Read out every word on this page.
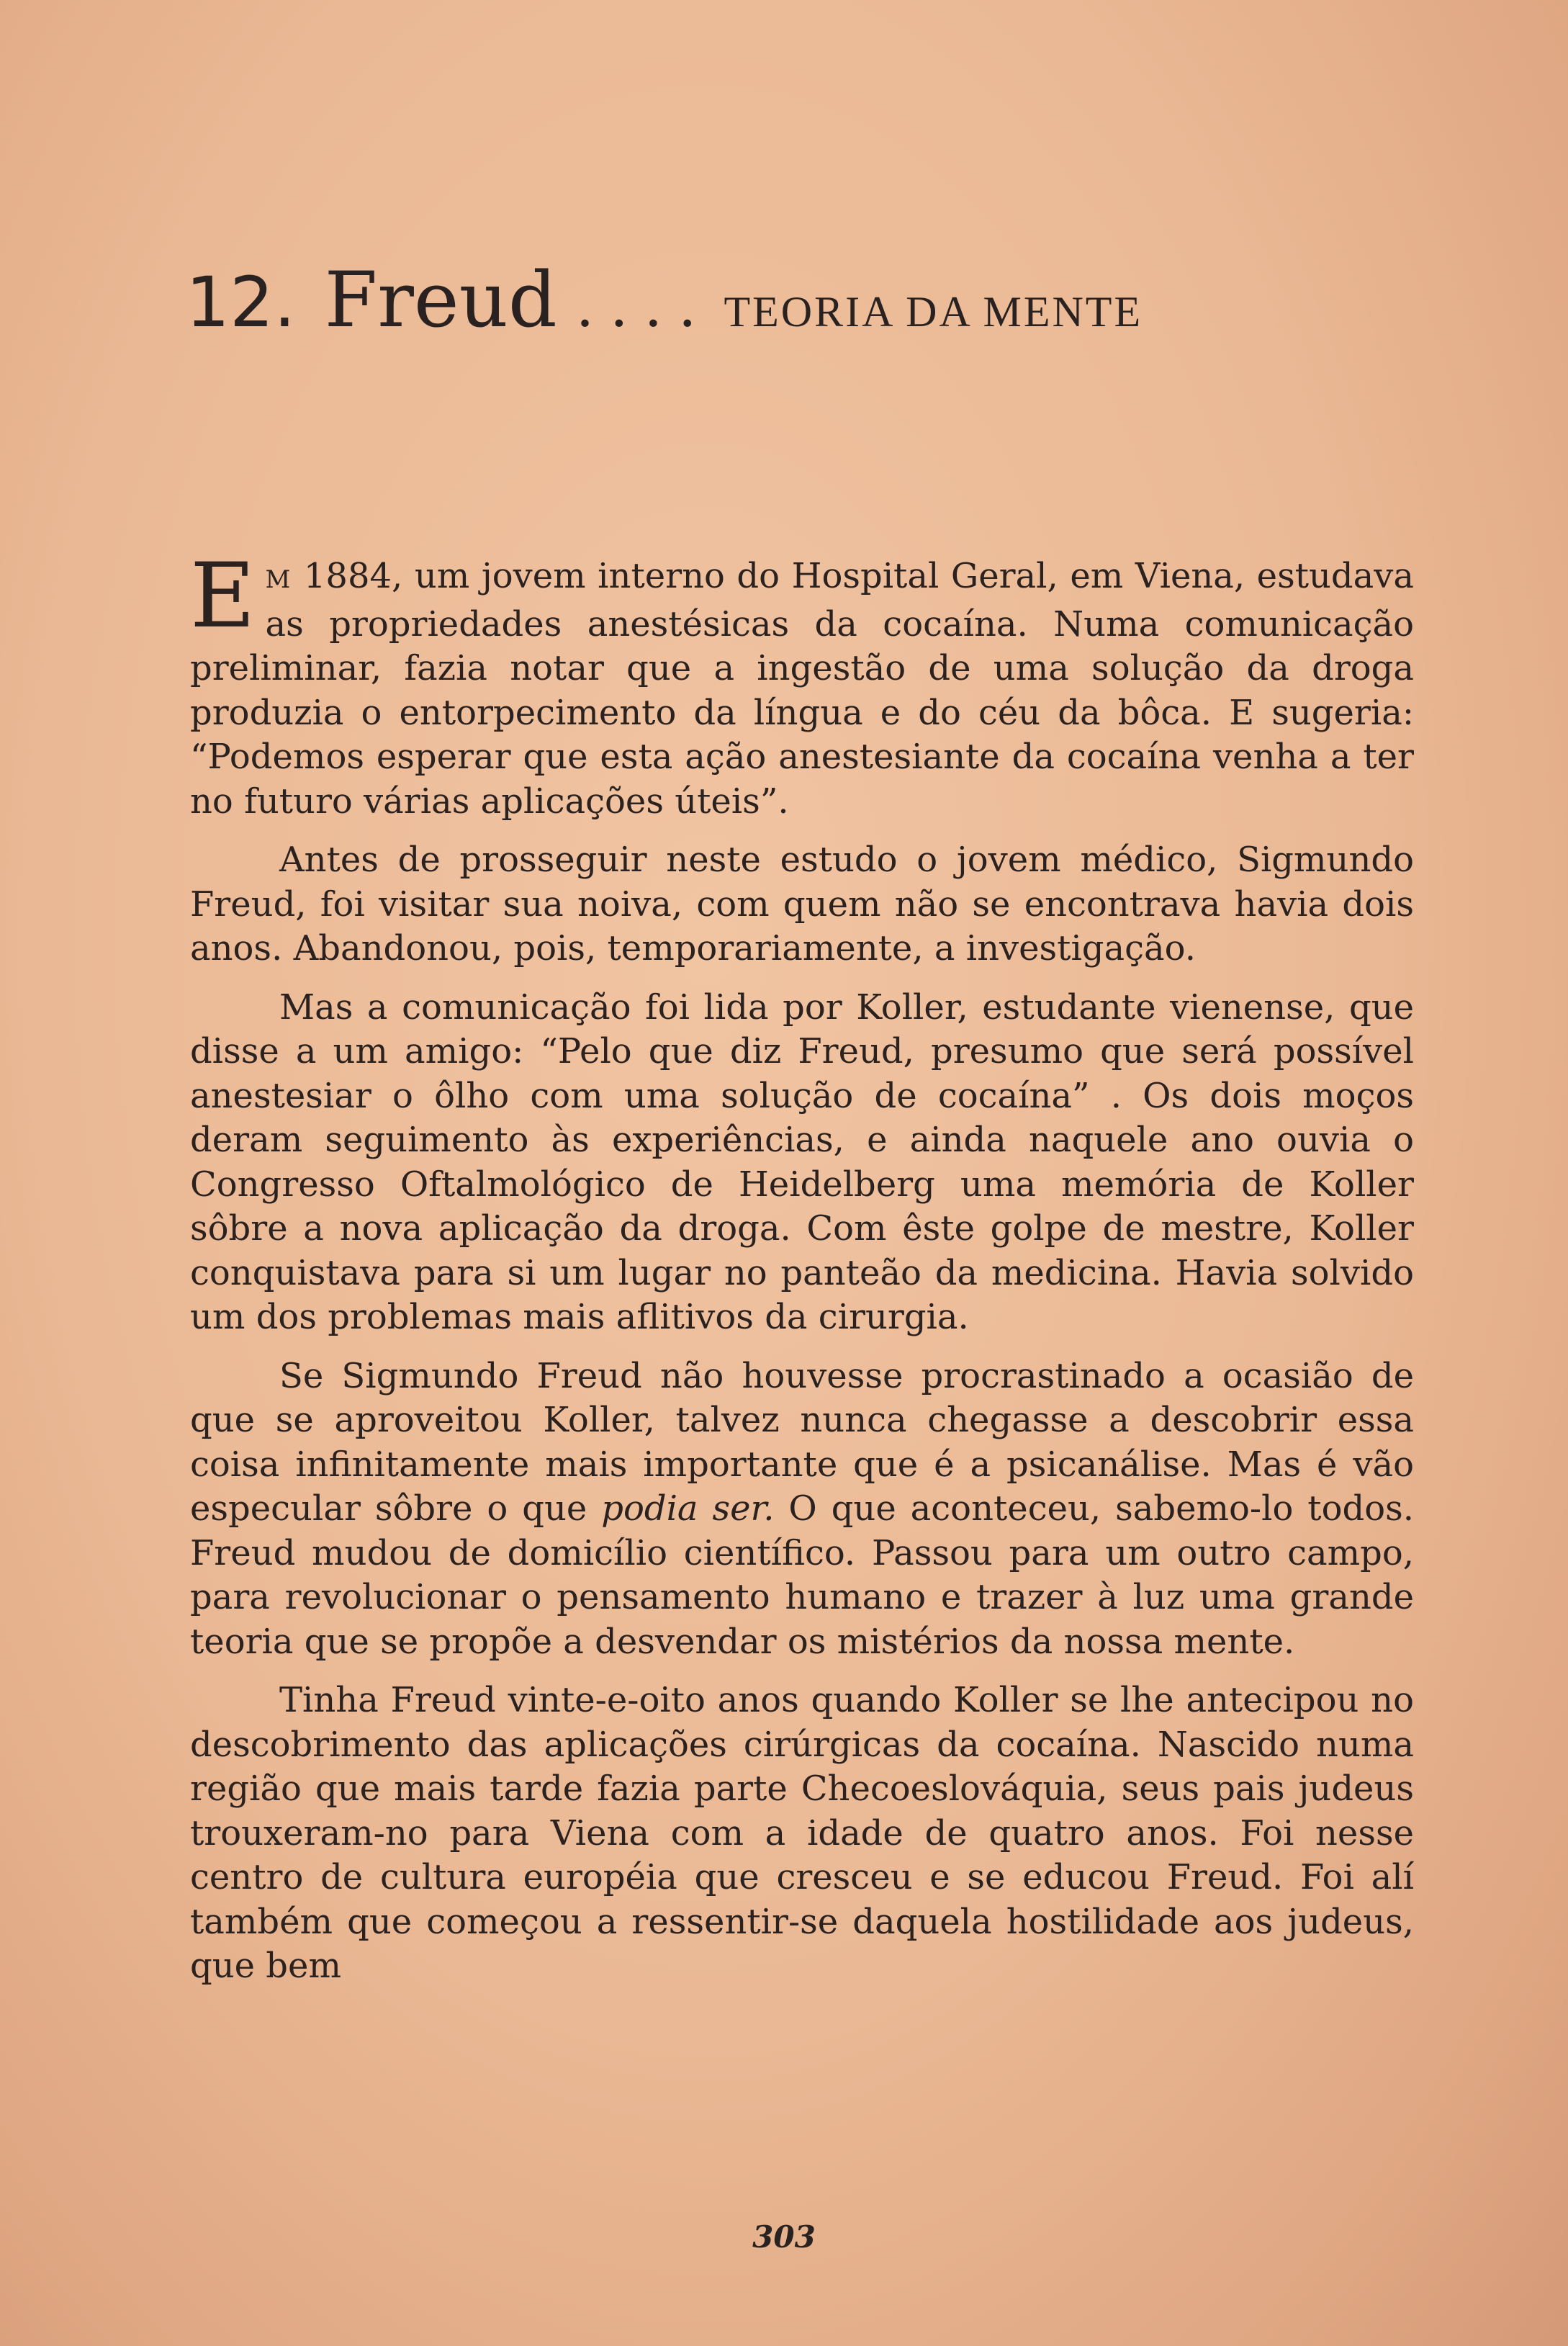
12. Freud .... TEORIA DA MENTE

E M 1884, um jovem interno do Hospital Geral, em Viena, estudava as propriedades anestésicas da cocaína. Numa comunicação preliminar, fazia notar que a ingestão de uma solução da droga produzia o entorpecimento da língua e do céu da bôca. E sugeria: “Podemos esperar que esta ação anestesiante da cocaína venha a ter no futuro várias aplicações úteis”.

Antes de prosseguir neste estudo o jovem médico, Sigmundo Freud, foi visitar sua noiva, com quem não se encontrava havia dois anos. Abandonou, pois, temporariamente, a investigação.

Mas a comunicação foi lida por Koller, estudante vienense, que disse a um amigo: “Pelo que diz Freud, presumo que será possível anestesiar o ôlho com uma solução de cocaína” . Os dois moços deram seguimento às experiências, e ainda naquele ano ouvia o Congresso Oftalmológico de Heidelberg uma memória de Koller sôbre a nova aplicação da droga. Com êste golpe de mestre, Koller conquistava para si um lugar no panteão da medicina. Havia solvido um dos problemas mais aflitivos da cirurgia.

Se Sigmundo Freud não houvesse procrastinado a ocasião de que se aproveitou Koller, talvez nunca chegasse a descobrir essa coisa infinitamente mais importante que é a psicanálise. Mas é vão especular sôbre o que podia ser. O que aconteceu, sabemo-lo todos. Freud mudou de domicílio científico. Passou para um outro campo, para revolucionar o pensamento humano e trazer à luz uma grande teoria que se propõe a desvendar os mistérios da nossa mente.

Tinha Freud vinte-e-oito anos quando Koller se lhe antecipou no descobrimento das aplicações cirúrgicas da cocaína. Nascido numa região que mais tarde fazia parte Checoeslováquia, seus pais judeus trouxeram-no para Viena com a idade de quatro anos. Foi nesse centro de cultura européia que cresceu e se educou Freud. Foi alí também que começou a ressentir-se daquela hostilidade aos judeus, que bem

303
